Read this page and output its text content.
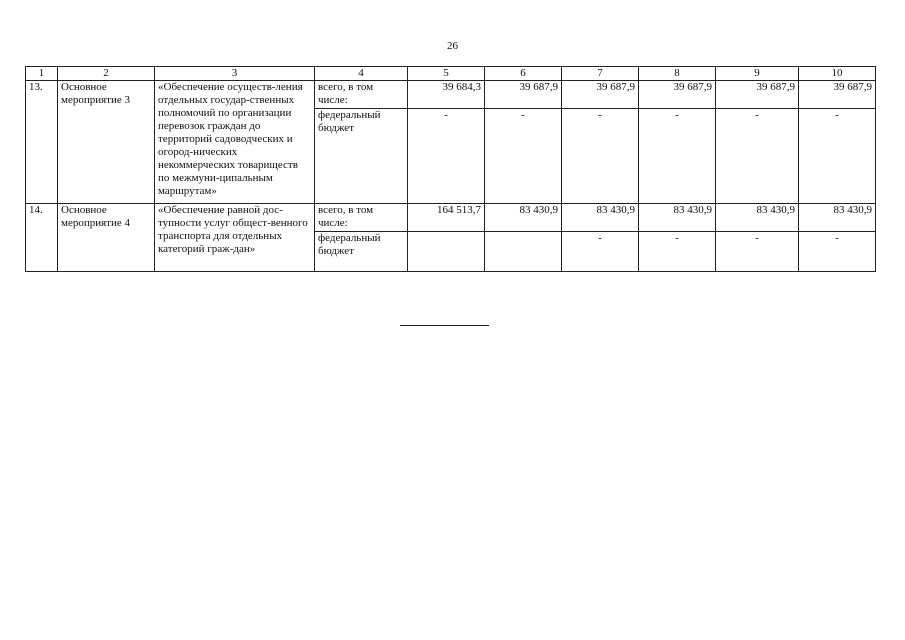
26
1	2	3	4	5	6	7	8	9	10
13.	Основное мероприятие 3	«Обеспечение осуществ-ления отдельных государ-ственных полномочий по организации перевозок граждан до территорий садоводческих и огород-нических некоммерческих товариществ по межмуни-ципальным маршрутам»	всего, в том числе:	39 684,3	39 687,9	39 687,9	39 687,9	39 687,9	39 687,9
			федеральный бюджет	-	-	-	-	-	-
14.	Основное мероприятие 4	«Обеспечение равной дос-тупности услуг общест-венного транспорта для отдельных категорий граж-дан»	всего, в том числе:	164 513,7	83 430,9	83 430,9	83 430,9	83 430,9	83 430,9
			федеральный бюджет			-	-	-	-
